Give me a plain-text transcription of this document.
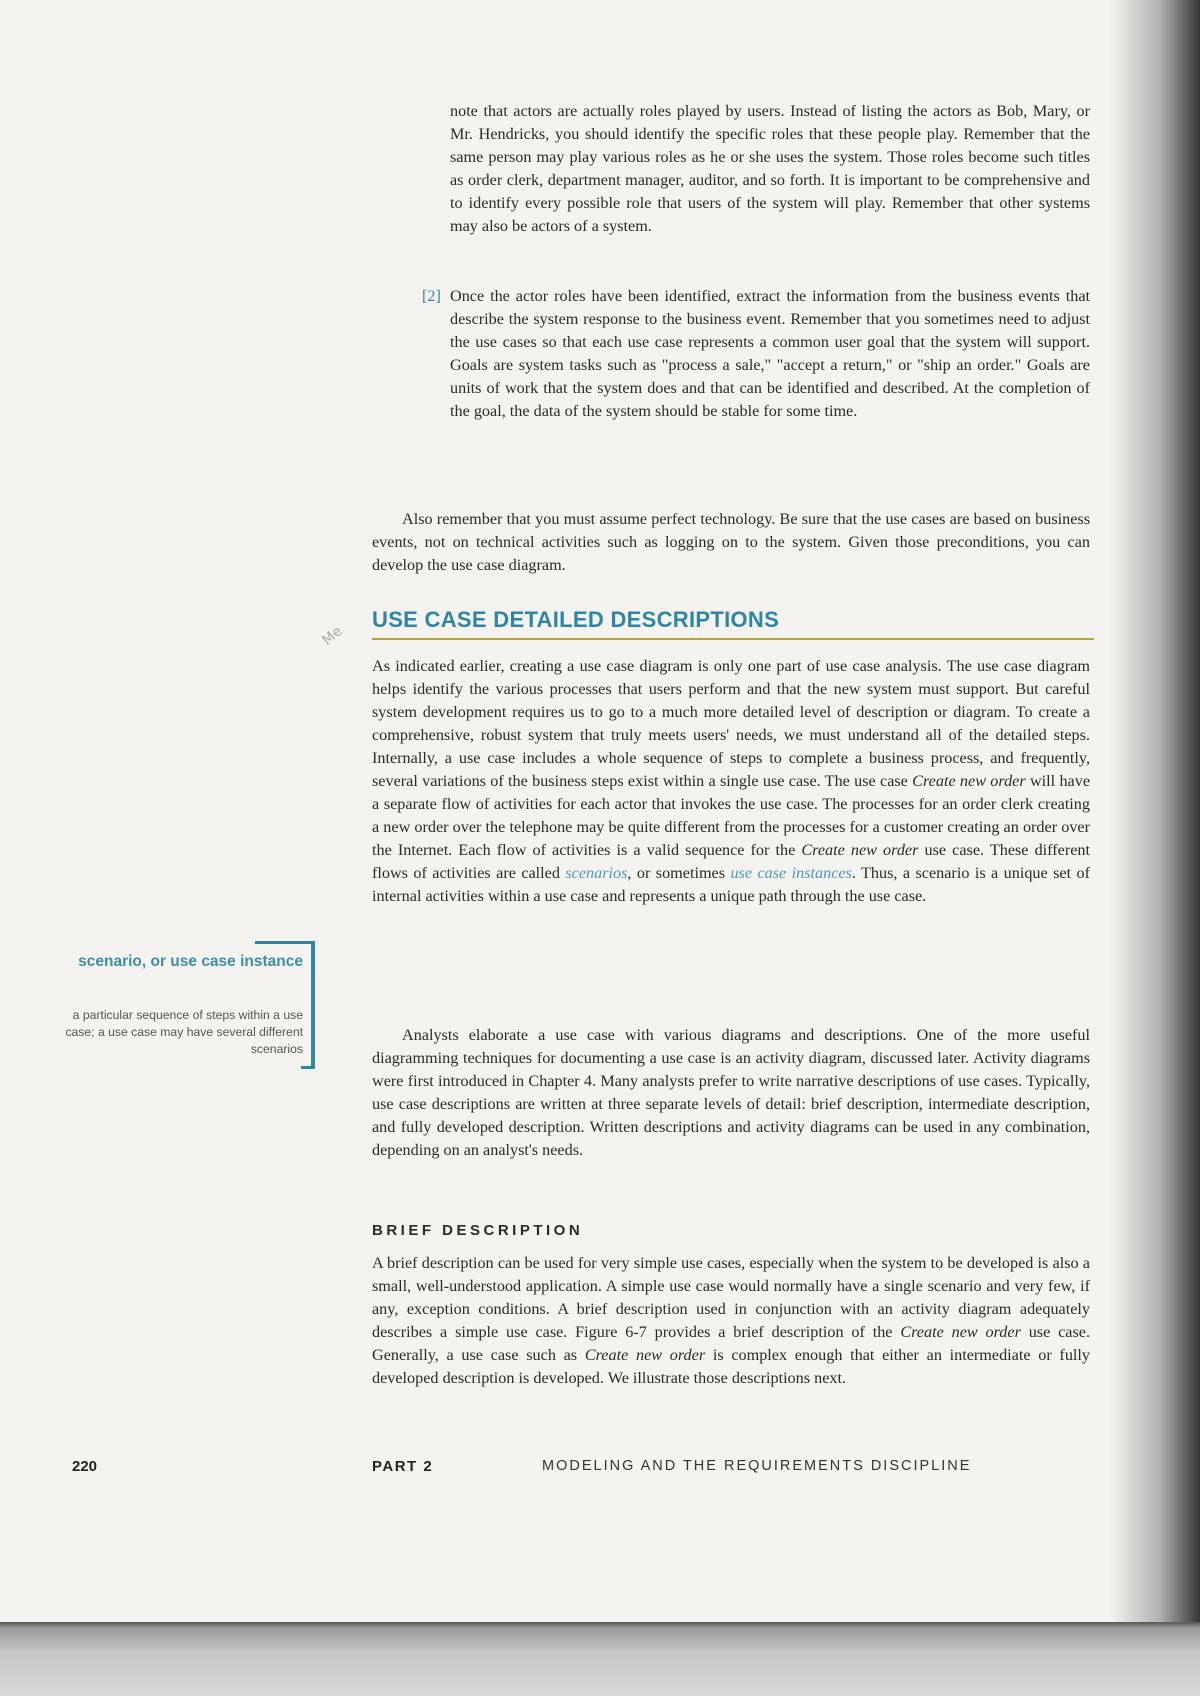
note that actors are actually roles played by users. Instead of listing the actors as Bob, Mary, or Mr. Hendricks, you should identify the specific roles that these people play. Remember that the same person may play various roles as he or she uses the system. Those roles become such titles as order clerk, department manager, auditor, and so forth. It is important to be comprehensive and to identify every possible role that users of the system will play. Remember that other systems may also be actors of a system.

[2] Once the actor roles have been identified, extract the information from the business events that describe the system response to the business event. Remember that you sometimes need to adjust the use cases so that each use case represents a common user goal that the system will support. Goals are system tasks such as "process a sale," "accept a return," or "ship an order." Goals are units of work that the system does and that can be identified and described. At the completion of the goal, the data of the system should be stable for some time.

Also remember that you must assume perfect technology. Be sure that the use cases are based on business events, not on technical activities such as logging on to the system. Given those preconditions, you can develop the use case diagram.

Me
USE CASE DETAILED DESCRIPTIONS

As indicated earlier, creating a use case diagram is only one part of use case analysis. The use case diagram helps identify the various processes that users perform and that the new system must support. But careful system development requires us to go to a much more detailed level of description or diagram. To create a comprehensive, robust system that truly meets users' needs, we must understand all of the detailed steps. Internally, a use case includes a whole sequence of steps to complete a business process, and frequently, several variations of the business steps exist within a single use case. The use case Create new order will have a separate flow of activities for each actor that invokes the use case. The processes for an order clerk creating a new order over the telephone may be quite different from the processes for a customer creating an order over the Internet. Each flow of activities is a valid sequence for the Create new order use case. These different flows of activities are called scenarios, or sometimes use case instances. Thus, a scenario is a unique set of internal activities within a use case and represents a unique path through the use case.

Analysts elaborate a use case with various diagrams and descriptions. One of the more useful diagramming techniques for documenting a use case is an activity diagram, discussed later. Activity diagrams were first introduced in Chapter 4. Many analysts prefer to write narrative descriptions of use cases. Typically, use case descriptions are written at three separate levels of detail: brief description, intermediate description, and fully developed description. Written descriptions and activity diagrams can be used in any combination, depending on an analyst's needs.

scenario, or use case instance
a particular sequence of steps within a use case; a use case may have several different scenarios
BRIEF DESCRIPTION

A brief description can be used for very simple use cases, especially when the system to be developed is also a small, well-understood application. A simple use case would normally have a single scenario and very few, if any, exception conditions. A brief description used in conjunction with an activity diagram adequately describes a simple use case. Figure 6-7 provides a brief description of the Create new order use case. Generally, a use case such as Create new order is complex enough that either an intermediate or fully developed description is developed. We illustrate those descriptions next.

220	PART 2	MODELING AND THE REQUIREMENTS DISCIPLINE
